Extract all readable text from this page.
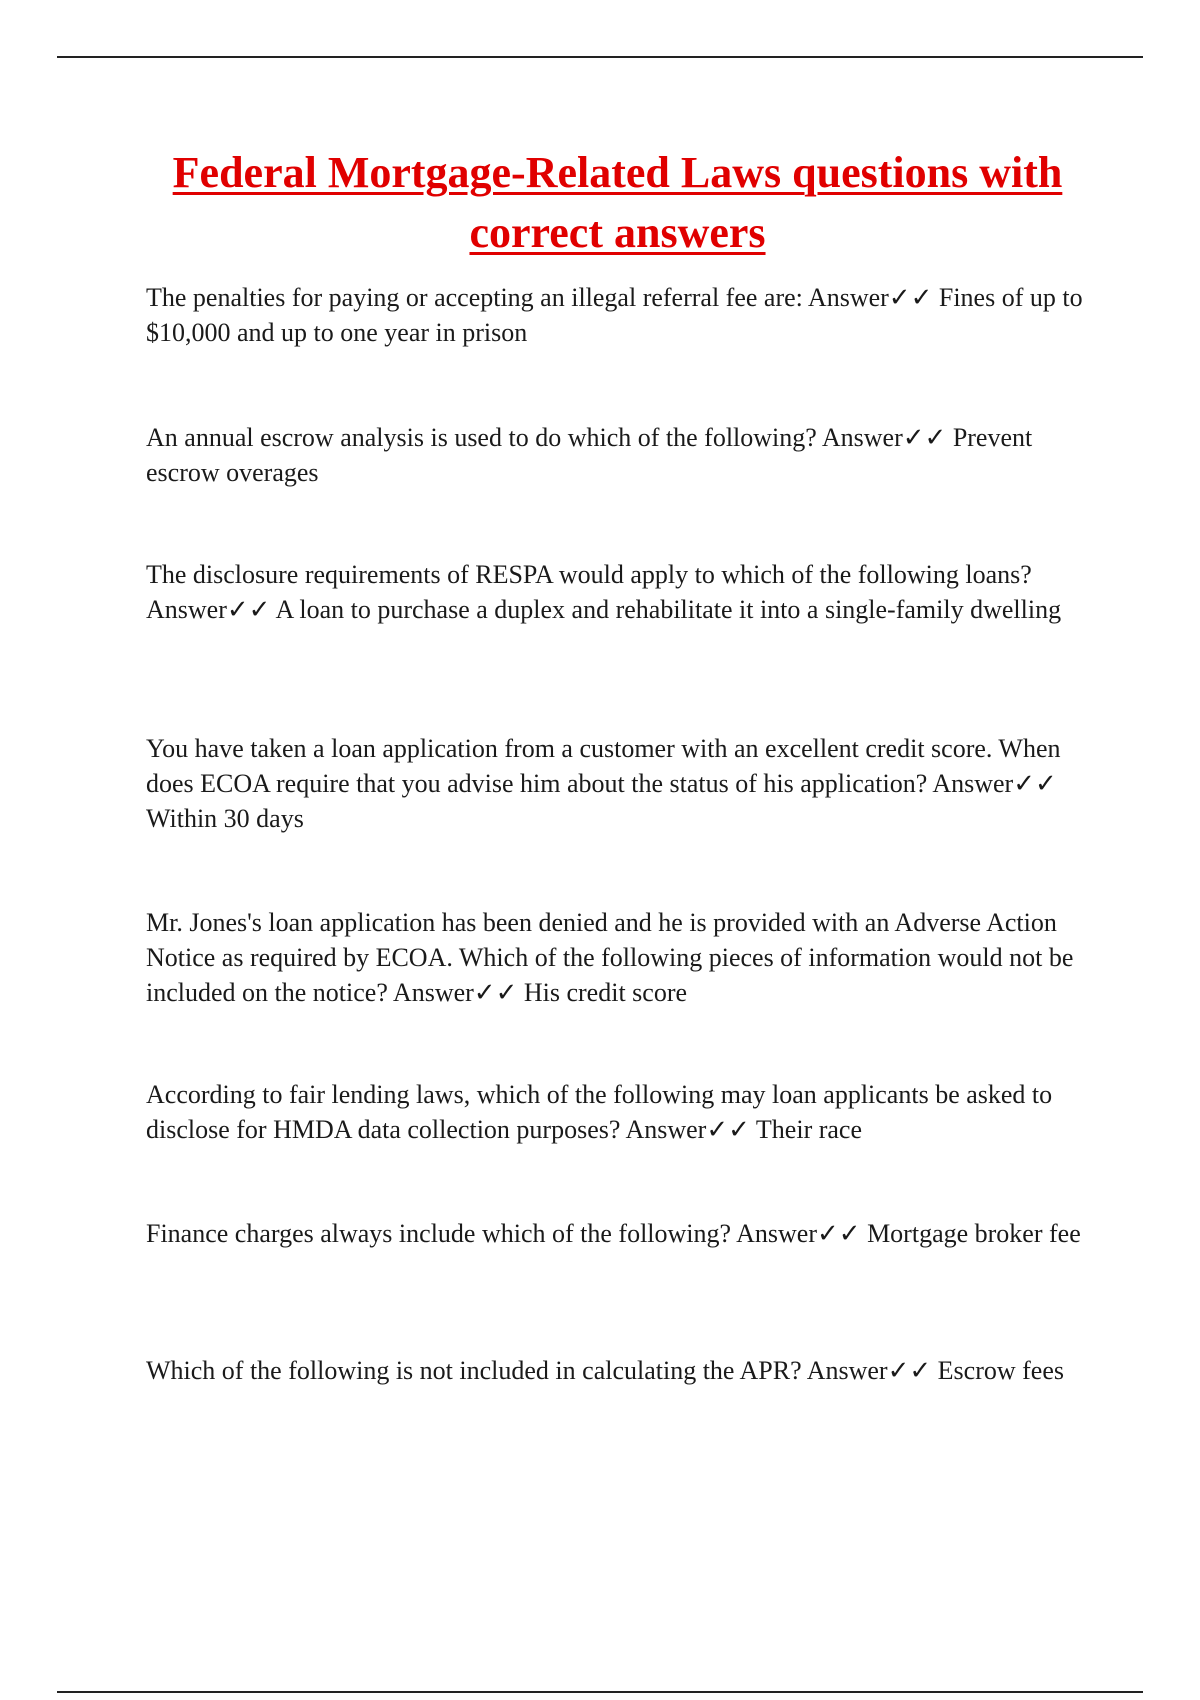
Federal Mortgage-Related Laws questions with correct answers

The penalties for paying or accepting an illegal referral fee are: Answer✓✓ Fines of up to $10,000 and up to one year in prison

An annual escrow analysis is used to do which of the following? Answer✓✓ Prevent escrow overages

The disclosure requirements of RESPA would apply to which of the following loans? Answer✓✓ A loan to purchase a duplex and rehabilitate it into a single-family dwelling

You have taken a loan application from a customer with an excellent credit score. When does ECOA require that you advise him about the status of his application? Answer✓✓ Within 30 days

Mr. Jones's loan application has been denied and he is provided with an Adverse Action Notice as required by ECOA. Which of the following pieces of information would not be included on the notice? Answer✓✓ His credit score

According to fair lending laws, which of the following may loan applicants be asked to disclose for HMDA data collection purposes? Answer✓✓ Their race

Finance charges always include which of the following? Answer✓✓ Mortgage broker fee

Which of the following is not included in calculating the APR? Answer✓✓ Escrow fees
